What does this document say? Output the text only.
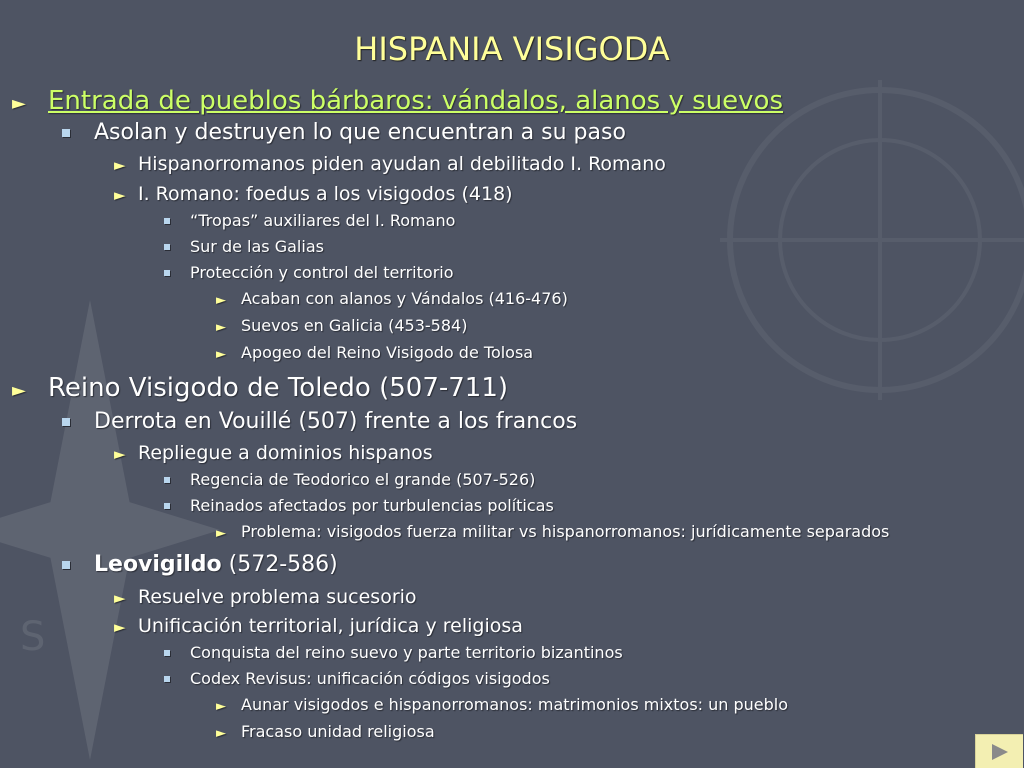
N
S
HISPANIA VISIGODA
► Entrada de pueblos bárbaros: vándalos, alanos y suevos
Asolan y destruyen lo que encuentran a su paso
► Hispanorromanos piden ayudan al debilitado I. Romano
► I. Romano: foedus a los visigodos (418)
“Tropas” auxiliares del I. Romano
Sur de las Galias
Protección y control del territorio
► Acaban con alanos y Vándalos (416-476)
► Suevos en Galicia (453-584)
► Apogeo del Reino Visigodo de Tolosa
► Reino Visigodo de Toledo (507-711)
Derrota en Vouillé (507) frente a los francos
► Repliegue a dominios hispanos
Regencia de Teodorico el grande (507-526)
Reinados afectados por turbulencias políticas
► Problema: visigodos fuerza militar vs hispanorromanos: jurídicamente separados
Leovigildo (572-586)
► Resuelve problema sucesorio
► Unificación territorial, jurídica y religiosa
Conquista del reino suevo y parte territorio bizantinos
Codex Revisus: unificación códigos visigodos
► Aunar visigodos e hispanorromanos: matrimonios mixtos: un pueblo
► Fracaso unidad religiosa
